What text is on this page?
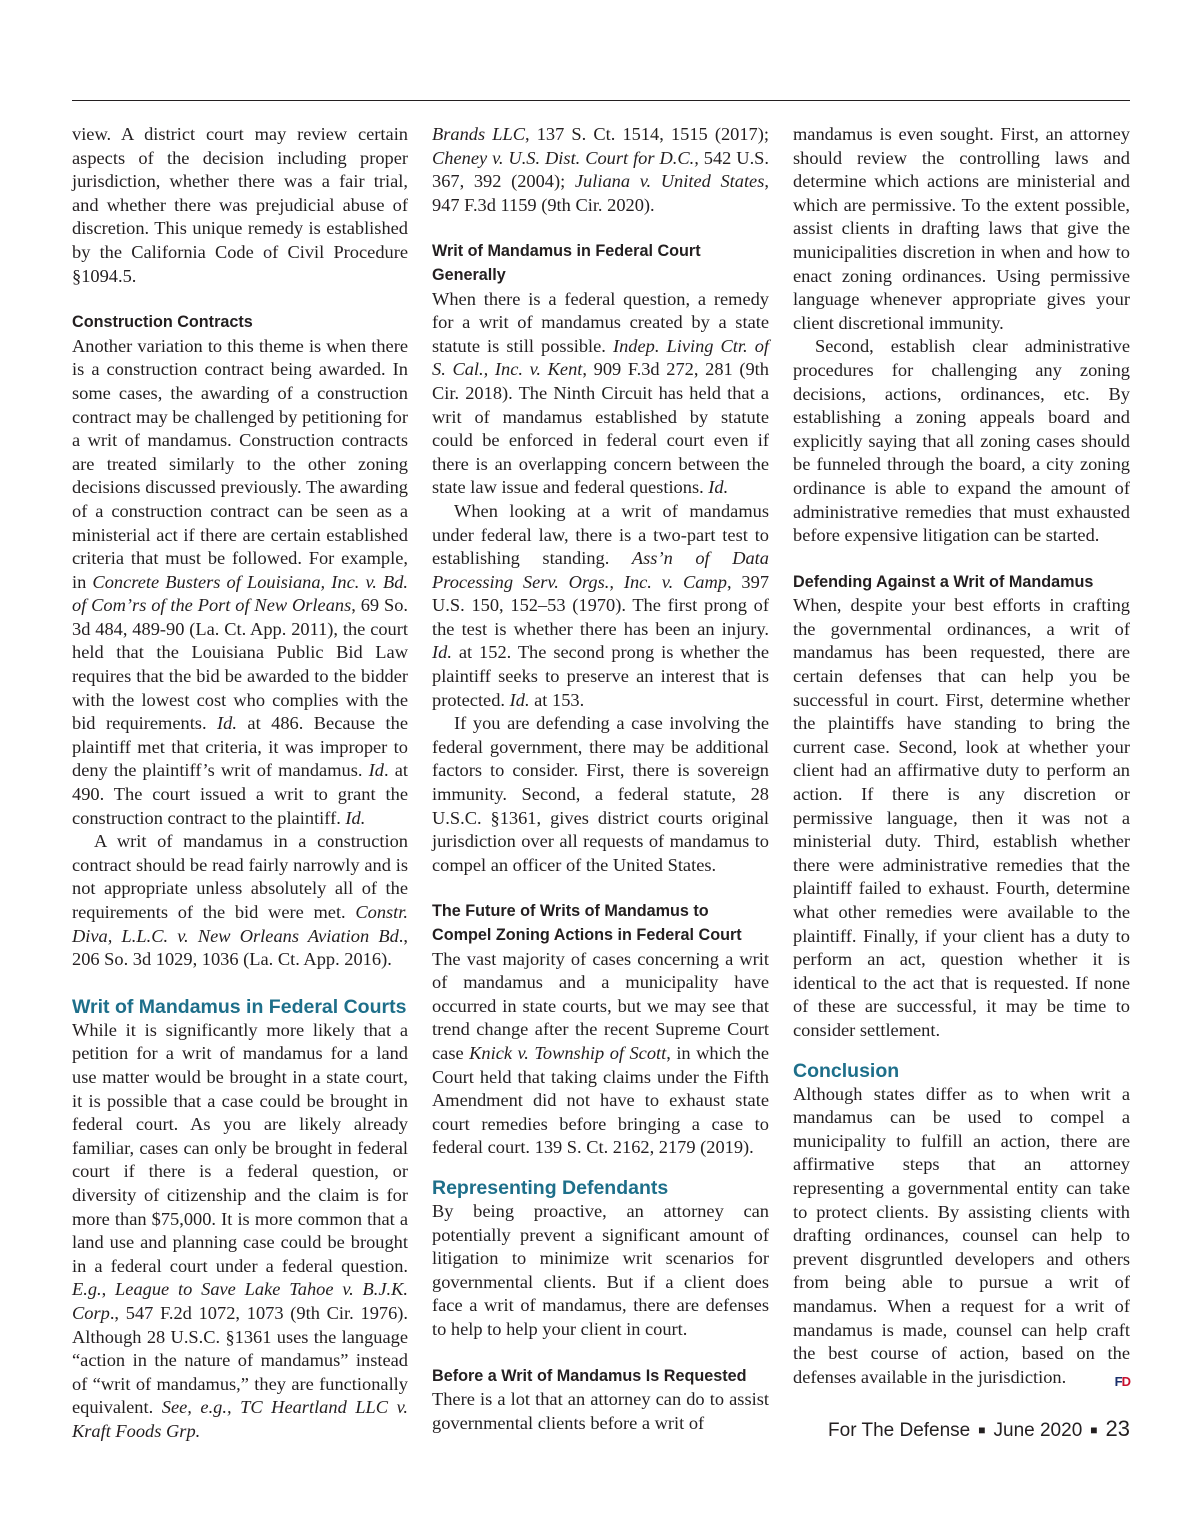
view. A district court may review certain aspects of the decision including proper jurisdiction, whether there was a fair trial, and whether there was prejudicial abuse of discretion. This unique remedy is established by the California Code of Civil Procedure §1094.5.

Construction Contracts

Another variation to this theme is when there is a construction contract being awarded. In some cases, the awarding of a construction contract may be challenged by petitioning for a writ of mandamus. Construction contracts are treated similarly to the other zoning decisions discussed previously. The awarding of a construction contract can be seen as a ministerial act if there are certain established criteria that must be followed. For example, in Concrete Busters of Louisiana, Inc. v. Bd. of Com’rs of the Port of New Orleans, 69 So. 3d 484, 489-90 (La. Ct. App. 2011), the court held that the Louisiana Public Bid Law requires that the bid be awarded to the bidder with the lowest cost who complies with the bid requirements. Id. at 486. Because the plaintiff met that criteria, it was improper to deny the plaintiff’s writ of mandamus. Id. at 490. The court issued a writ to grant the construction contract to the plaintiff. Id.

A writ of mandamus in a construction contract should be read fairly narrowly and is not appropriate unless absolutely all of the requirements of the bid were met. Constr. Diva, L.L.C. v. New Orleans Aviation Bd., 206 So. 3d 1029, 1036 (La. Ct. App. 2016).

Writ of Mandamus in Federal Courts

While it is significantly more likely that a petition for a writ of mandamus for a land use matter would be brought in a state court, it is possible that a case could be brought in federal court. As you are likely already familiar, cases can only be brought in federal court if there is a federal question, or diversity of citizenship and the claim is for more than $75,000. It is more common that a land use and planning case could be brought in a federal court under a federal question. E.g., League to Save Lake Tahoe v. B.J.K. Corp., 547 F.2d 1072, 1073 (9th Cir. 1976). Although 28 U.S.C. §1361 uses the language “action in the nature of mandamus” instead of “writ of mandamus,” they are functionally equivalent. See, e.g., TC Heartland LLC v. Kraft Foods Grp.

Brands LLC, 137 S. Ct. 1514, 1515 (2017); Cheney v. U.S. Dist. Court for D.C., 542 U.S. 367, 392 (2004); Juliana v. United States, 947 F.3d 1159 (9th Cir. 2020).

Writ of Mandamus in Federal Court Generally

When there is a federal question, a remedy for a writ of mandamus created by a state statute is still possible. Indep. Living Ctr. of S. Cal., Inc. v. Kent, 909 F.3d 272, 281 (9th Cir. 2018). The Ninth Circuit has held that a writ of mandamus established by statute could be enforced in federal court even if there is an overlapping concern between the state law issue and federal questions. Id.

When looking at a writ of mandamus under federal law, there is a two-part test to establishing standing. Ass’n of Data Processing Serv. Orgs., Inc. v. Camp, 397 U.S. 150, 152–53 (1970). The first prong of the test is whether there has been an injury. Id. at 152. The second prong is whether the plaintiff seeks to preserve an interest that is protected. Id. at 153.

If you are defending a case involving the federal government, there may be additional factors to consider. First, there is sovereign immunity. Second, a federal statute, 28 U.S.C. §1361, gives district courts original jurisdiction over all requests of mandamus to compel an officer of the United States.

The Future of Writs of Mandamus to Compel Zoning Actions in Federal Court

The vast majority of cases concerning a writ of mandamus and a municipality have occurred in state courts, but we may see that trend change after the recent Supreme Court case Knick v. Township of Scott, in which the Court held that taking claims under the Fifth Amendment did not have to exhaust state court remedies before bringing a case to federal court. 139 S. Ct. 2162, 2179 (2019).

Representing Defendants

By being proactive, an attorney can potentially prevent a significant amount of litigation to minimize writ scenarios for governmental clients. But if a client does face a writ of mandamus, there are defenses to help to help your client in court.

Before a Writ of Mandamus Is Requested

There is a lot that an attorney can do to assist governmental clients before a writ of

mandamus is even sought. First, an attorney should review the controlling laws and determine which actions are ministerial and which are permissive. To the extent possible, assist clients in drafting laws that give the municipalities discretion in when and how to enact zoning ordinances. Using permissive language whenever appropriate gives your client discretional immunity.

Second, establish clear administrative procedures for challenging any zoning decisions, actions, ordinances, etc. By establishing a zoning appeals board and explicitly saying that all zoning cases should be funneled through the board, a city zoning ordinance is able to expand the amount of administrative remedies that must exhausted before expensive litigation can be started.

Defending Against a Writ of Mandamus

When, despite your best efforts in crafting the governmental ordinances, a writ of mandamus has been requested, there are certain defenses that can help you be successful in court. First, determine whether the plaintiffs have standing to bring the current case. Second, look at whether your client had an affirmative duty to perform an action. If there is any discretion or permissive language, then it was not a ministerial duty. Third, establish whether there were administrative remedies that the plaintiff failed to exhaust. Fourth, determine what other remedies were available to the plaintiff. Finally, if your client has a duty to perform an act, question whether it is identical to the act that is requested. If none of these are successful, it may be time to consider settlement.

Conclusion

Although states differ as to when writ a mandamus can be used to compel a municipality to fulfill an action, there are affirmative steps that an attorney representing a governmental entity can take to protect clients. By assisting clients with drafting ordinances, counsel can help to prevent disgruntled developers and others from being able to pursue a writ of mandamus. When a request for a writ of mandamus is made, counsel can help craft the best course of action, based on the defenses available in the jurisdiction.	FD

For The Defense ■ June 2020 ■ 23
